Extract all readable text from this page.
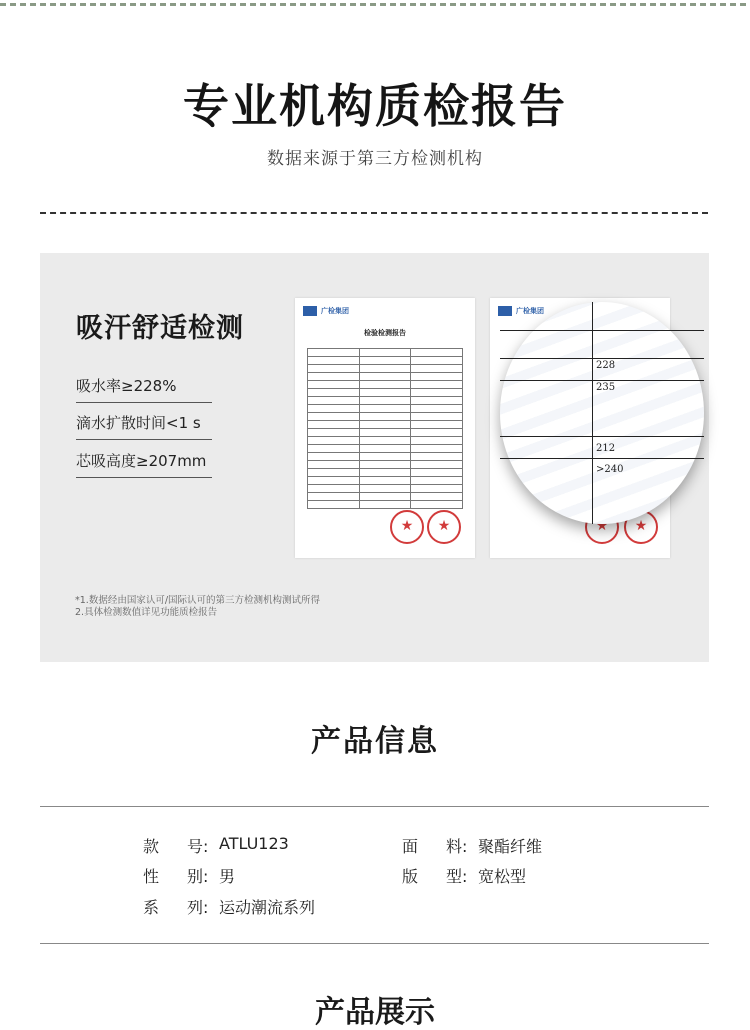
专业机构质检报告
数据来源于第三方检测机构
吸汗舒适检测
吸水率≥228%
滴水扩散时间<1 s
芯吸高度≥207mm
*1.数据经由国家认可/国际认可的第三方检测机构测试所得
2.具体检测数值详见功能质检报告
广检集团
检验检测报告

★
★
广检集团
★
★
228
235
212
>240
产品信息
款 号: ATLU123	面 料: 聚酯纤维
性 别: 男	版 型: 宽松型
系 列: 运动潮流系列
产品展示
